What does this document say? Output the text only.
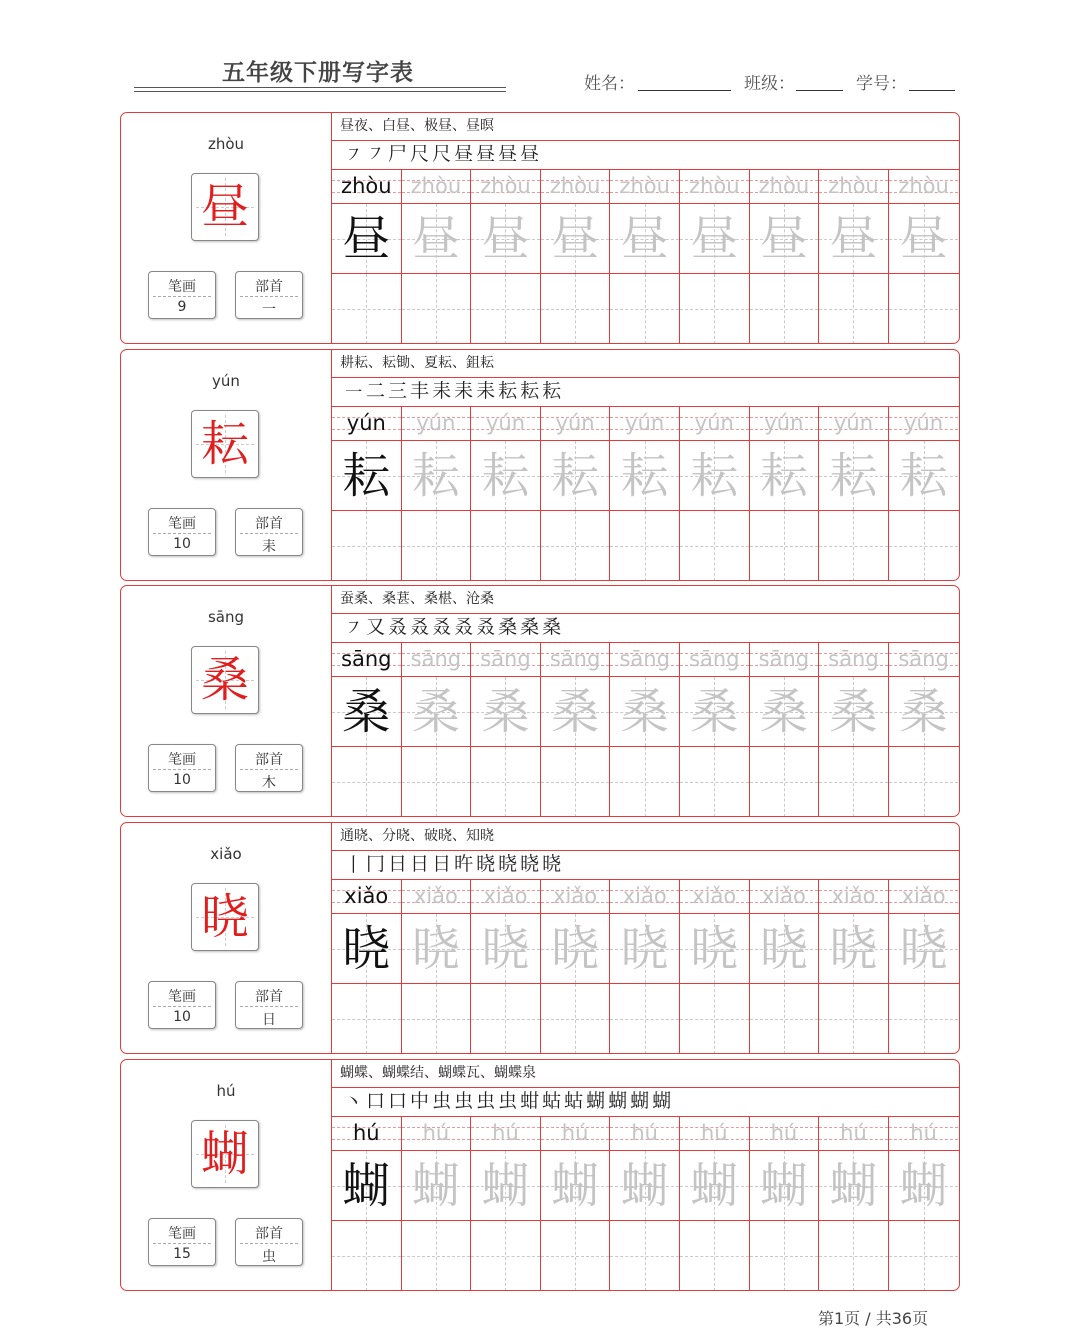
五年级下册写字表	姓名：	班级：	学号：
zhòu
昼
笔画
9
部首
一
昼夜、白昼、极昼、昼暝
㇇ ㇇ 尸 尺 尺 昼 昼 昼 昼
zhòu zhòu zhòu zhòu zhòu zhòu zhòu zhòu zhòu
昼 昼 昼 昼 昼 昼 昼 昼 昼
yún
耘
笔画
10
部首
耒
耕耘、耘锄、夏耘、鉏耘
㇐ 二 三 丰 耒 耒 耒 耘 耘 耘
yún	yún	yún	yún	yún	yún	yún	yún	yún
耘 耘 耘 耘 耘 耘 耘 耘 耘
sāng
桑
笔画
10
部首
木
蚕桑、桑葚、桑椹、沧桑
㇇ 又 叒 叒 叒 叒 叒 桑 桑 桑
sāng sāng sāng sāng sāng sāng sāng sāng sāng
桑 桑 桑 桑 桑 桑 桑 桑 桑
xiǎo
晓
笔画
10
部首
日
通晓、分晓、破晓、知晓
丨 冂 日 日 日 旿 晓 晓 晓 晓
xiǎo	xiǎo	xiǎo	xiǎo	xiǎo	xiǎo	xiǎo	xiǎo	xiǎo
晓 晓 晓 晓 晓 晓 晓 晓 晓
hú
蝴
笔画
15
部首
虫
蝴蝶、蝴蝶结、蝴蝶瓦、蝴蝶泉
丶 口 口 中 虫 虫 虫 虫 蚶 蛄 蛄 蝴 蝴 蝴 蝴
hú	hú	hú	hú	hú	hú	hú	hú	hú
蝴 蝴 蝴 蝴 蝴 蝴 蝴 蝴 蝴
第1页 / 共36页
